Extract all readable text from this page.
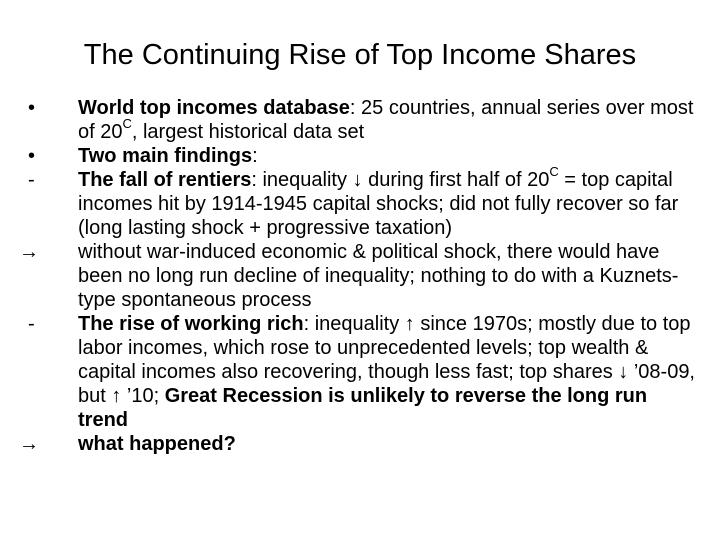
The Continuing Rise of Top Income Shares
•	World top incomes database: 25 countries, annual series over most of $20^C$, largest historical data set
•	Two main findings:
-	The fall of rentiers: inequality ↓ during first half of $20^C$ = top capital incomes hit by 1914-1945 capital shocks; did not fully recover so far (long lasting shock + progressive taxation)
→	without war-induced economic & political shock, there would have been no long run decline of inequality; nothing to do with a Kuznets-type spontaneous process
-	The rise of working rich: inequality ↑ since 1970s; mostly due to top labor incomes, which rose to unprecedented levels; top wealth & capital incomes also recovering, though less fast; top shares ↓ ’08-09, but ↑ ’10; Great Recession is unlikely to reverse the long run trend
→	what happened?
